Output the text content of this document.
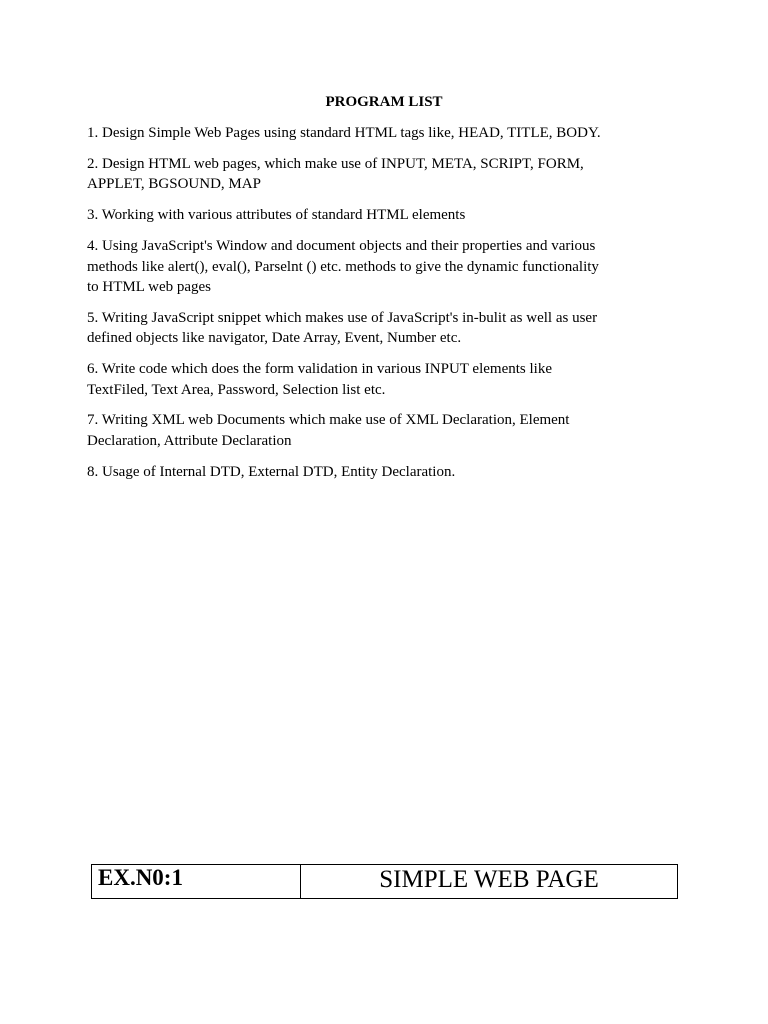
PROGRAM LIST
1. Design Simple Web Pages using standard HTML tags like, HEAD, TITLE, BODY.
2. Design HTML web pages, which make use of INPUT, META, SCRIPT, FORM, APPLET, BGSOUND, MAP
3. Working with various attributes of standard HTML elements
4. Using JavaScript's Window and document objects and their properties and various methods like alert(), eval(), Parselnt () etc. methods to give the dynamic functionality to HTML web pages
5. Writing JavaScript snippet which makes use of JavaScript's in-bulit as well as user defined objects like navigator, Date Array, Event, Number etc.
6. Write code which does the form validation in various INPUT elements like TextFiled, Text Area, Password, Selection list etc.
7. Writing XML web Documents which make use of XML Declaration, Element Declaration, Attribute Declaration
8. Usage of Internal DTD, External DTD, Entity Declaration.
EX.N0:1	SIMPLE WEB PAGE
